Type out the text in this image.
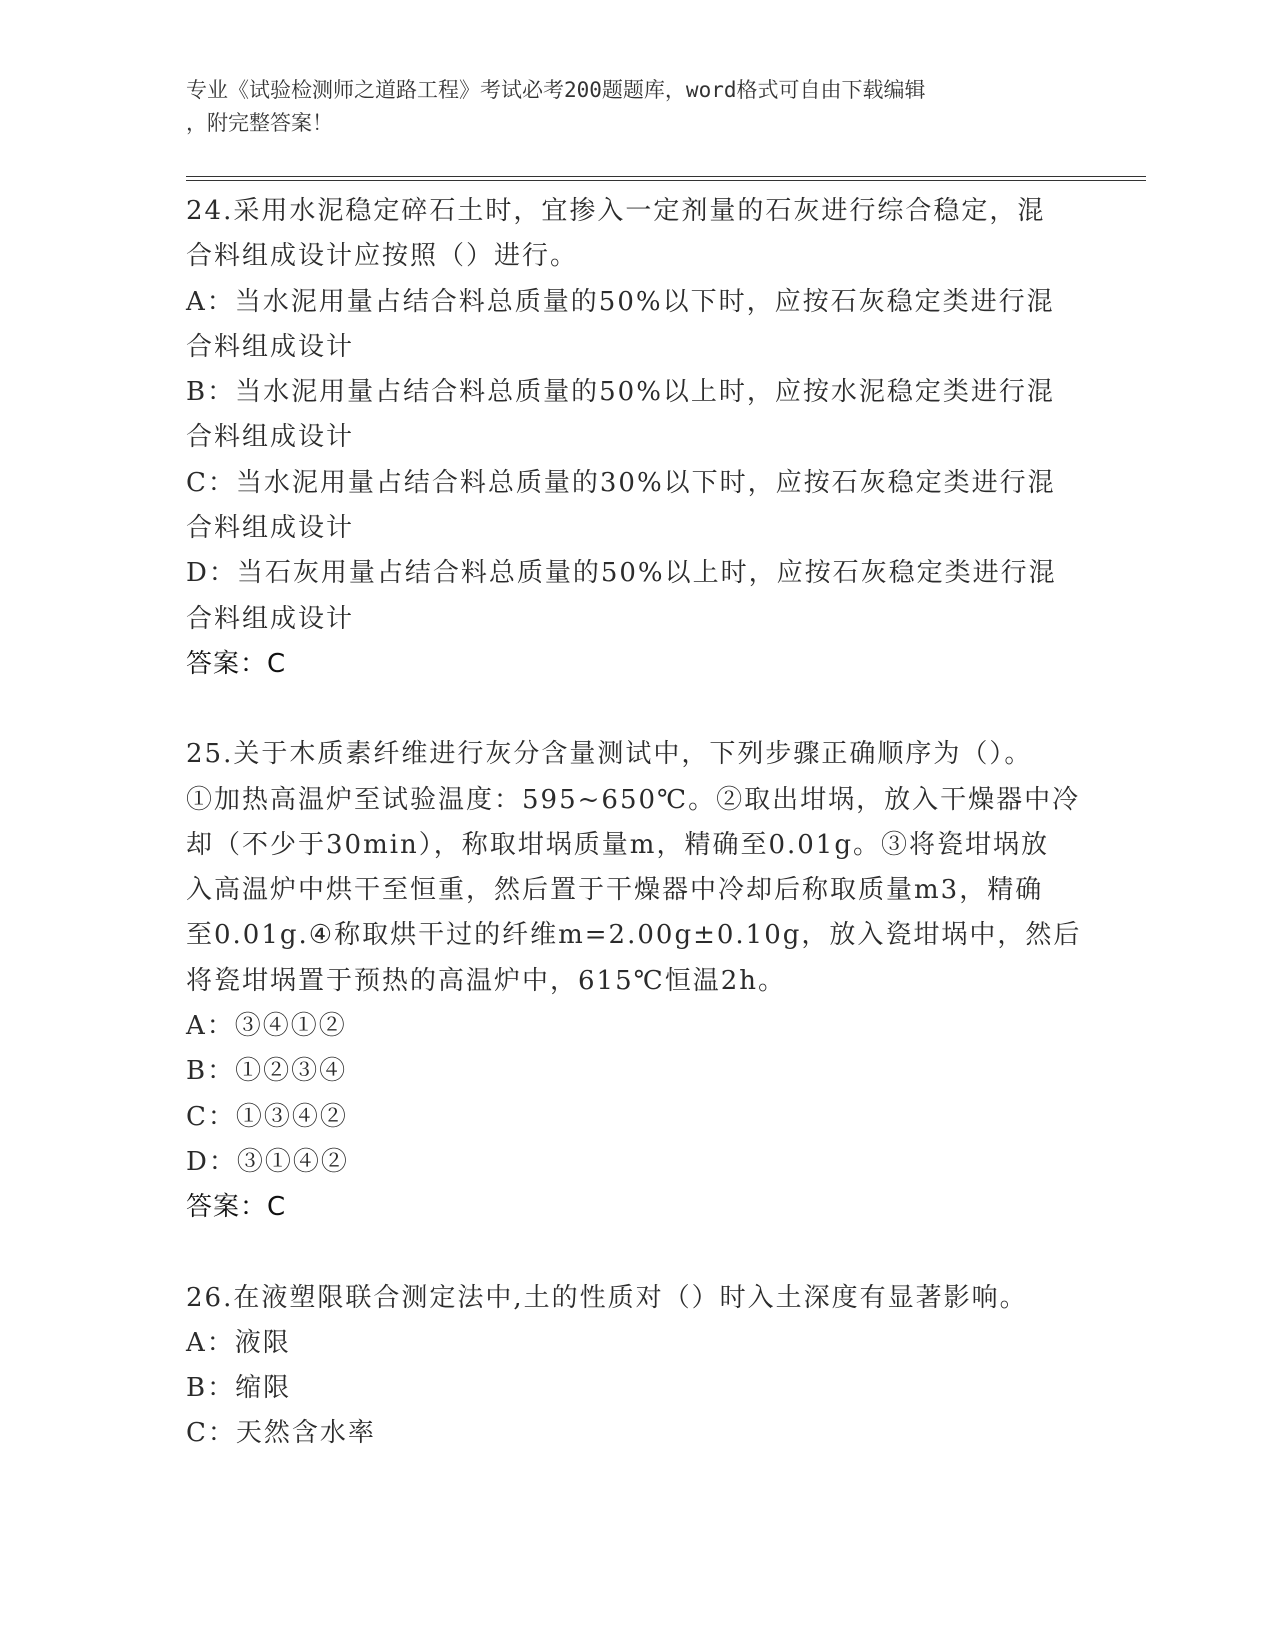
专业《试验检测师之道路工程》考试必考200题题库，word格式可自由下载编辑
，附完整答案！
24.采用水泥稳定碎石土时，宜掺入一定剂量的石灰进行综合稳定，混
合料组成设计应按照（）进行。
A：当水泥用量占结合料总质量的50%以下时，应按石灰稳定类进行混
合料组成设计
B：当水泥用量占结合料总质量的50%以上时，应按水泥稳定类进行混
合料组成设计
C：当水泥用量占结合料总质量的30%以下时，应按石灰稳定类进行混
合料组成设计
D：当石灰用量占结合料总质量的50%以上时，应按石灰稳定类进行混
合料组成设计
答案：C
25.关于木质素纤维进行灰分含量测试中，下列步骤正确顺序为（）。
①加热高温炉至试验温度：595~650℃。②取出坩埚，放入干燥器中冷
却（不少于30min），称取坩埚质量m，精确至0.01g。③将瓷坩埚放
入高温炉中烘干至恒重，然后置于干燥器中冷却后称取质量m3，精确
至0.01g.④称取烘干过的纤维m=2.00g±0.10g，放入瓷坩埚中，然后
将瓷坩埚置于预热的高温炉中，615℃恒温2h。
A：③④①②
B：①②③④
C：①③④②
D：③①④②
答案：C
26.在液塑限联合测定法中,土的性质对（）时入土深度有显著影响。
A：液限
B：缩限
C：天然含水率
